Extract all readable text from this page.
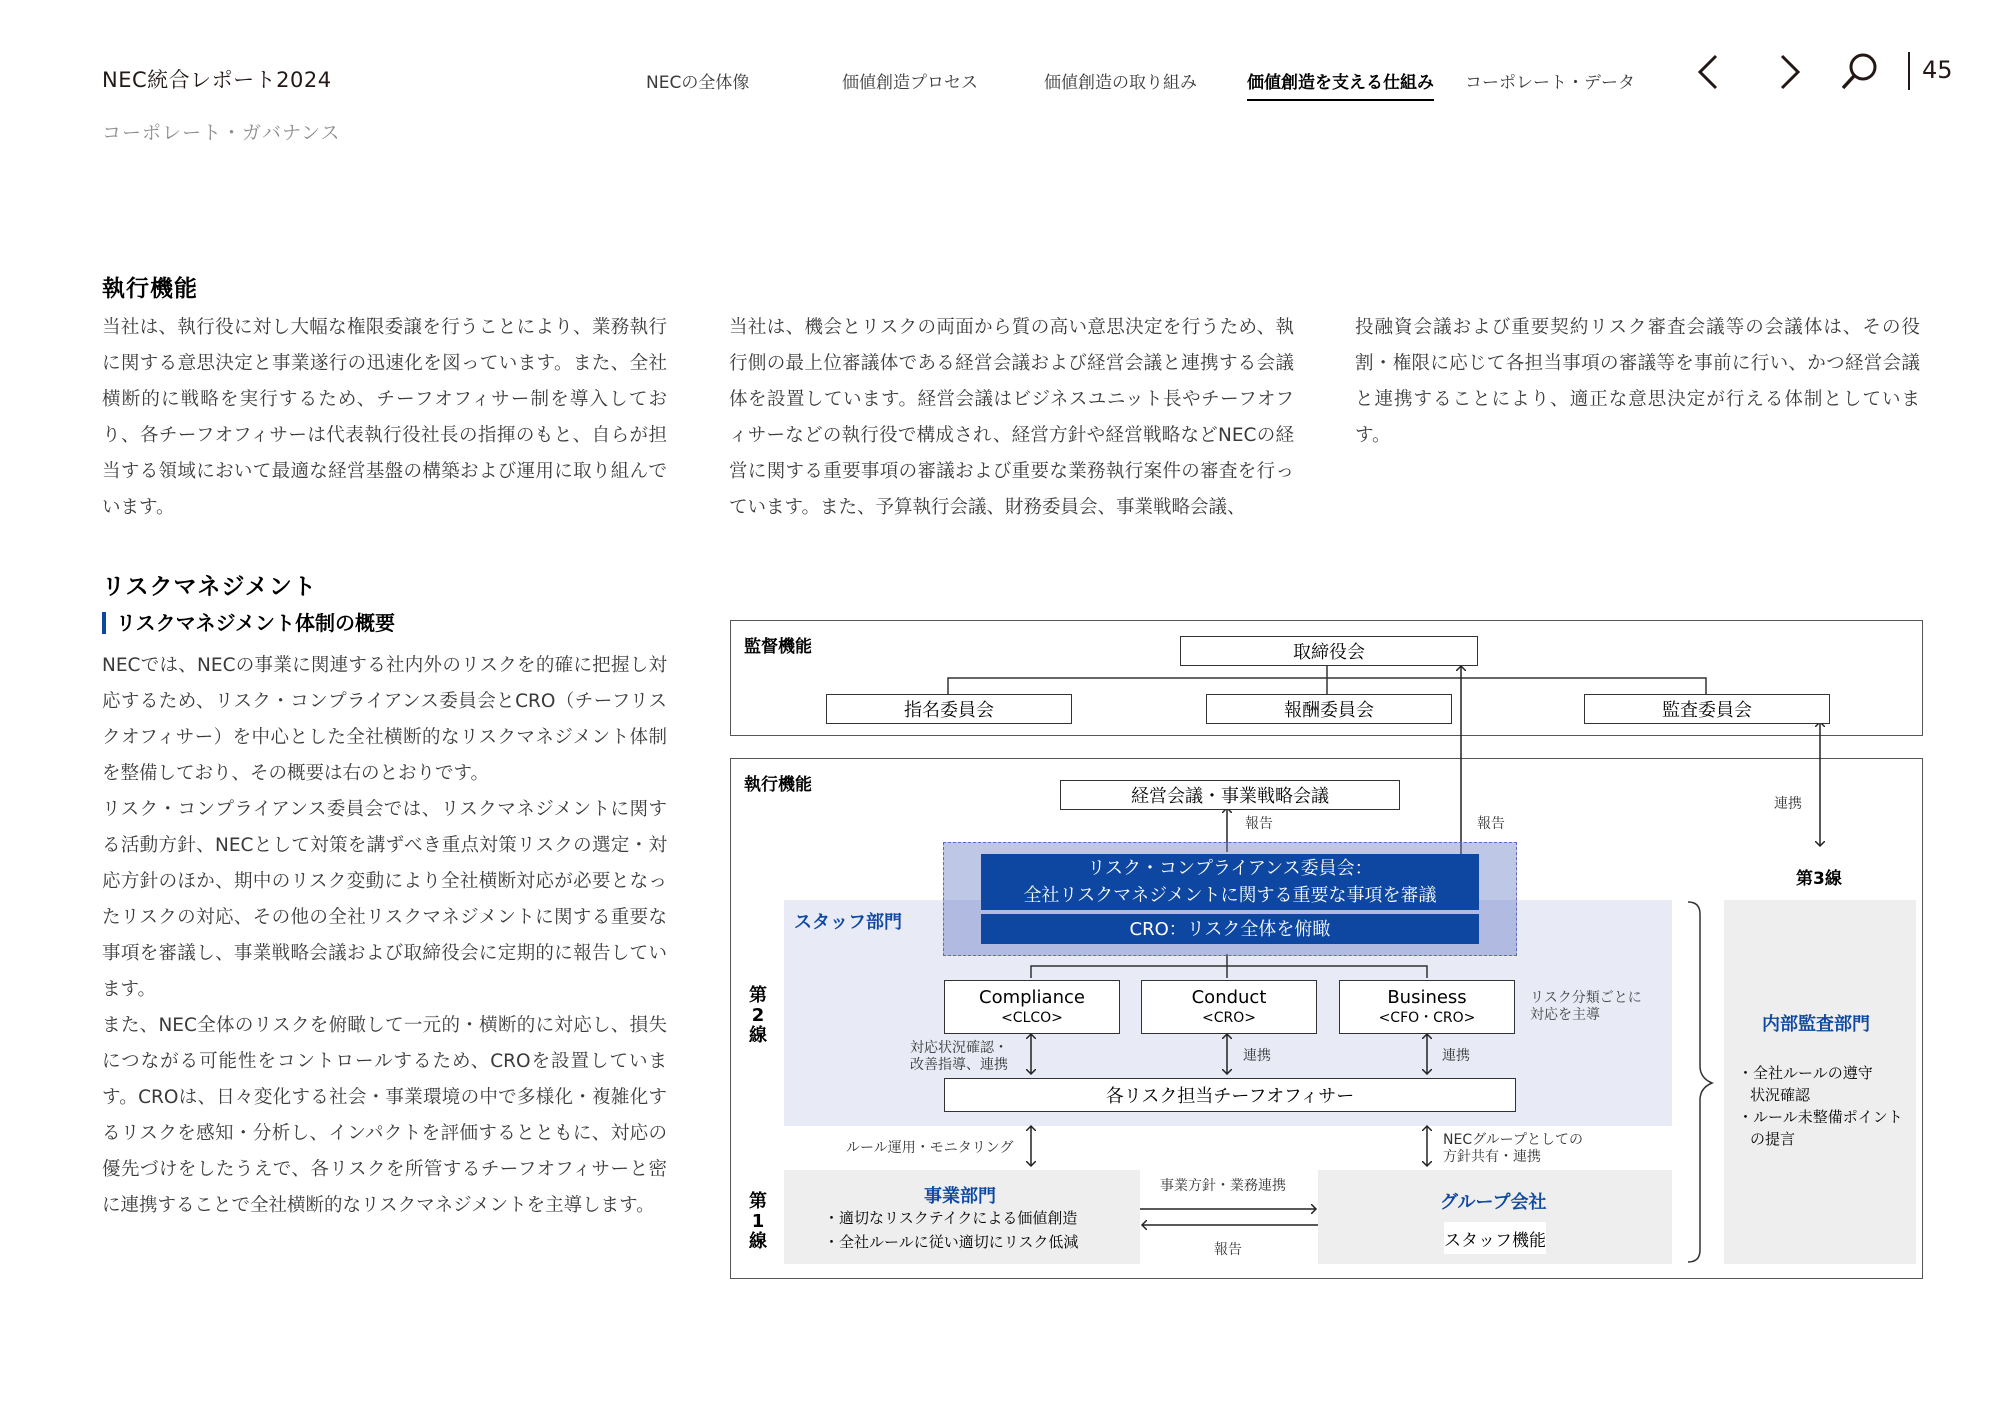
NEC統合レポート2024
コーポレート・ガバナンス
NECの全体像	価値創造プロセス	価値創造の取り組み	価値創造を支える仕組み コーポレート・データ	45
執行機能
当社は、執行役に対し大幅な権限委譲を行うことにより、業務執行に関する意思決定と事業遂行の迅速化を図っています。また、全社横断的に戦略を実行するため、チーフオフィサー制を導入しており、各チーフオフィサーは代表執行役社長の指揮のもと、自らが担当する領域において最適な経営基盤の構築および運用に取り組んでいます。
当社は、機会とリスクの両面から質の高い意思決定を行うため、執行側の最上位審議体である経営会議および経営会議と連携する会議体を設置しています。経営会議はビジネスユニット長やチーフオフィサーなどの執行役で構成され、経営方針や経営戦略などNECの経営に関する重要事項の審議および重要な業務執行案件の審査を行っています。また、予算執行会議、財務委員会、事業戦略会議、
投融資会議および重要契約リスク審査会議等の会議体は、その役割・権限に応じて各担当事項の審議等を事前に行い、かつ経営会議と連携することにより、適正な意思決定が行える体制としています。
リスクマネジメント
リスクマネジメント体制の概要

NECでは、NECの事業に関連する社内外のリスクを的確に把握し対応するため、リスク・コンプライアンス委員会とCRO（チーフリスクオフィサー）を中心とした全社横断的なリスクマネジメント体制を整備しており、その概要は右のとおりです。

リスク・コンプライアンス委員会では、リスクマネジメントに関する活動方針、NECとして対策を講ずべき重点対策リスクの選定・対応方針のほか、期中のリスク変動により全社横断対応が必要となったリスクの対応、その他の全社リスクマネジメントに関する重要な事項を審議し、事業戦略会議および取締役会に定期的に報告しています。

また、NEC全体のリスクを俯瞰して一元的・横断的に対応し、損失につながる可能性をコントロールするため、CROを設置しています。CROは、日々変化する社会・事業環境の中で多様化・複雑化するリスクを感知・分析し、インパクトを評価するとともに、対応の優先づけをしたうえで、各リスクを所管するチーフオフィサーと密に連携することで全社横断的なリスクマネジメントを主導します。

監督機能
執行機能
スタッフ部門
取締役会
指名委員会	報酬委員会	監査委員会
経営会議・事業戦略会議
報告	報告
連携
第3線
リスク・コンプライアンス委員会：
全社リスクマネジメントに関する重要な事項を審議
CRO：リスク全体を俯瞰
第
2
線
第
1
線
Compliance
<CLCO>
Conduct
<CRO>
Business
<CFO・CRO>
リスク分類ごとに
対応を主導
対応状況確認・
改善指導、連携
連携	連携
各リスク担当チーフオフィサー
ルール運用・モニタリング	NECグループとしての
方針共有・連携
事業部門
・適切なリスクテイクによる価値創造
・全社ルールに従い適切にリスク低減
事業方針・業務連携
報告
グループ会社
スタッフ機能
内部監査部門
・全社ルールの遵守
状況確認
・ルール未整備ポイント
の提言
